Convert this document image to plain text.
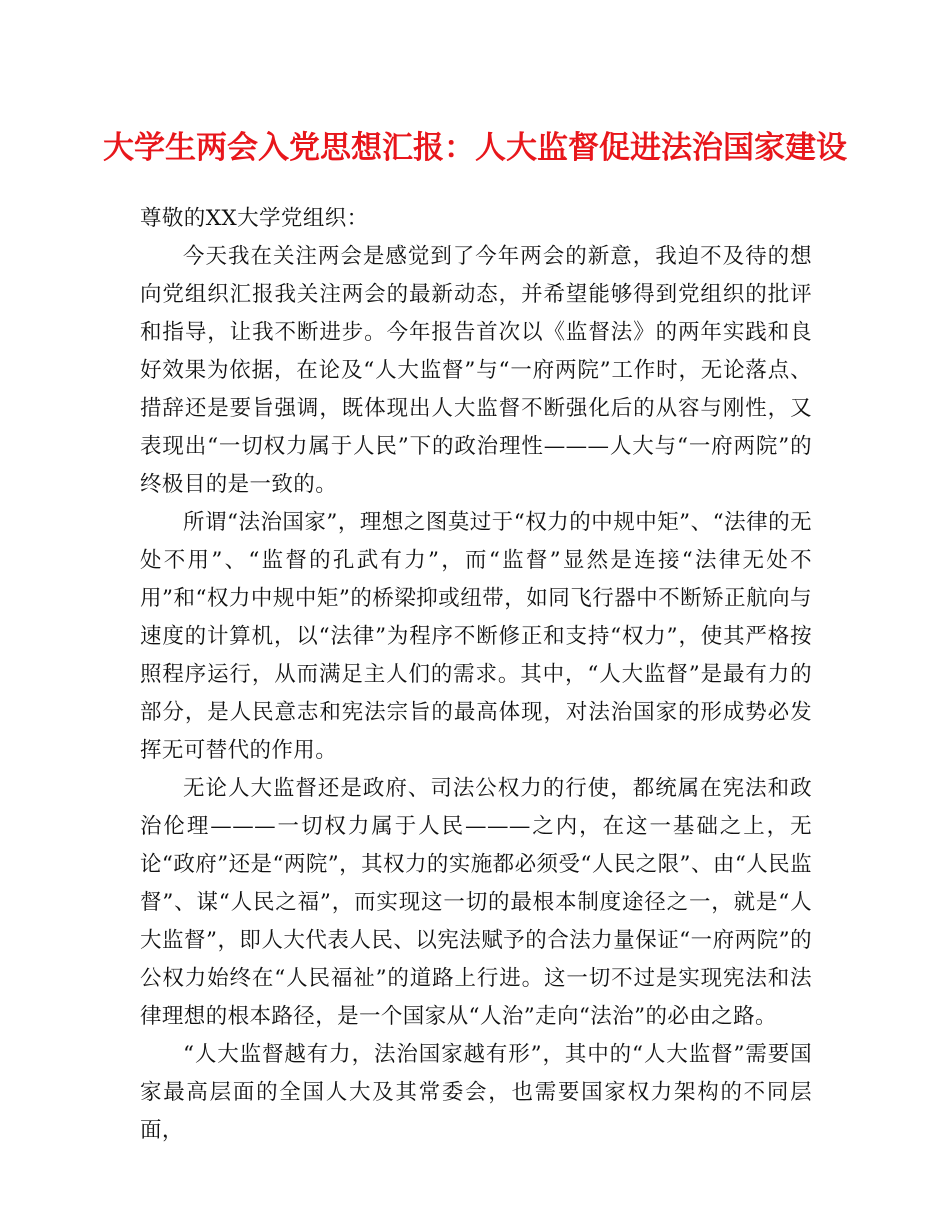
大学生两会入党思想汇报：人大监督促进法治国家建设

尊敬的XX大学党组织：

今天我在关注两会是感觉到了今年两会的新意，我迫不及待的想向党组织汇报我关注两会的最新动态，并希望能够得到党组织的批评和指导，让我不断进步。今年报告首次以《监督法》的两年实践和良好效果为依据，在论及“人大监督”与“一府两院”工作时，无论落点、措辞还是要旨强调，既体现出人大监督不断强化后的从容与刚性，又表现出“一切权力属于人民”下的政治理性———人大与“一府两院”的终极目的是一致的。

所谓“法治国家”，理想之图莫过于“权力的中规中矩”、“法律的无处不用”、“监督的孔武有力”，而“监督”显然是连接“法律无处不用”和“权力中规中矩”的桥梁抑或纽带，如同飞行器中不断矫正航向与速度的计算机，以“法律”为程序不断修正和支持“权力”，使其严格按照程序运行，从而满足主人们的需求。其中，“人大监督”是最有力的部分，是人民意志和宪法宗旨的最高体现，对法治国家的形成势必发挥无可替代的作用。

无论人大监督还是政府、司法公权力的行使，都统属在宪法和政治伦理———一切权力属于人民———之内，在这一基础之上，无论“政府”还是“两院”，其权力的实施都必须受“人民之限”、由“人民监督”、谋“人民之福”，而实现这一切的最根本制度途径之一，就是“人大监督”，即人大代表人民、以宪法赋予的合法力量保证“一府两院”的公权力始终在“人民福祉”的道路上行进。这一切不过是实现宪法和法律理想的根本路径，是一个国家从“人治”走向“法治”的必由之路。

“人大监督越有力，法治国家越有形”，其中的“人大监督”需要国家最高层面的全国人大及其常委会，也需要国家权力架构的不同层面，
